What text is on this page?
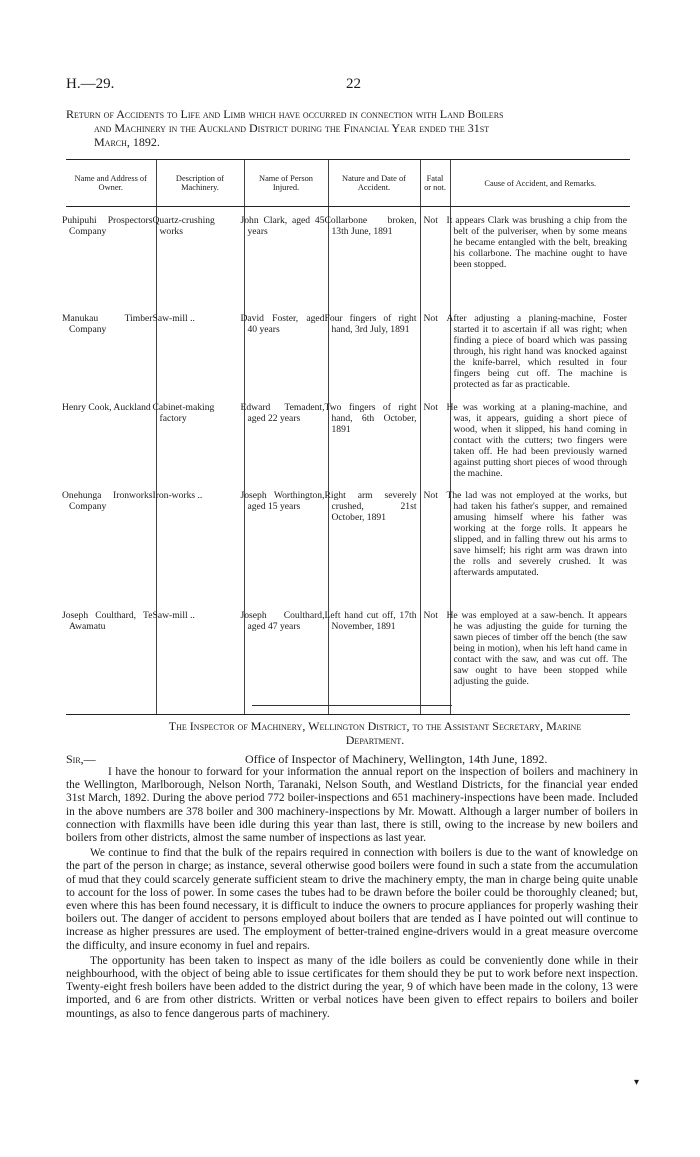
H.—29.	22
Return of Accidents to Life and Limb which have occurred in connection with Land Boilers
and Machinery in the Auckland District during the Financial Year ended the 31st
March, 1892.
Name and Address of Owner.	Description of Machinery.	Name of Person Injured.	Nature and Date of Accident.	Fatal or not.	Cause of Accident, and Remarks.

Puhipuhi Prospectors Company	Quartz-crushing works	John Clark, aged 45 years	Collarbone broken, 13th June, 1891	Not	It appears Clark was brushing a chip from the belt of the pulveriser, when by some means he became entangled with the belt, breaking his collarbone. The machine ought to have been stopped.
Manukau Timber Company	Saw-mill ..	David Foster, aged 40 years	Four fingers of right hand, 3rd July, 1891	Not	After adjusting a planing-machine, Foster started it to ascertain if all was right; when finding a piece of board which was passing through, his right hand was knocked against the knife-barrel, which resulted in four fingers being cut off. The machine is protected as far as practicable.
Henry Cook, Auckland	Cabinet-making factory	Edward Temadent, aged 22 years	Two fingers of right hand, 6th October, 1891	Not	He was working at a planing-machine, and was, it appears, guiding a short piece of wood, when it slipped, his hand coming in contact with the cutters; two fingers were taken off. He had been previously warned against putting short pieces of wood through the machine.
Onehunga Ironworks Company	Iron-works ..	Joseph Worthington, aged 15 years	Right arm severely crushed, 21st October, 1891	Not	The lad was not employed at the works, but had taken his father's supper, and remained amusing himself where his father was working at the forge rolls. It appears he slipped, and in falling threw out his arms to save himself; his right arm was drawn into the rolls and severely crushed. It was afterwards amputated.
Joseph Coulthard, Te Awamatu	Saw-mill ..	Joseph Coulthard, aged 47 years	Left hand cut off, 17th November, 1891	Not	He was employed at a saw-bench. It appears he was adjusting the guide for turning the sawn pieces of timber off the bench (the saw being in motion), when his left hand came in contact with the saw, and was cut off. The saw ought to have been stopped while adjusting the guide.
The Inspector of Machinery, Wellington District, to the Assistant Secretary, Marine
Department.
Sir,—	Office of Inspector of Machinery, Wellington, 14th June, 1892.

I have the honour to forward for your information the annual report on the inspection of boilers and machinery in the Wellington, Marlborough, Nelson North, Taranaki, Nelson South, and Westland Districts, for the financial year ended 31st March, 1892. During the above period 772 boiler-inspections and 651 machinery-inspections have been made. Included in the above numbers are 378 boiler and 300 machinery-inspections by Mr. Mowatt. Although a larger number of boilers in connection with flaxmills have been idle during this year than last, there is still, owing to the increase by new boilers and boilers from other districts, almost the same number of inspections as last year.

We continue to find that the bulk of the repairs required in connection with boilers is due to the want of knowledge on the part of the person in charge; as instance, several otherwise good boilers were found in such a state from the accumulation of mud that they could scarcely generate sufficient steam to drive the machinery empty, the man in charge being quite unable to account for the loss of power. In some cases the tubes had to be drawn before the boiler could be thoroughly cleaned; but, even where this has been found necessary, it is difficult to induce the owners to procure appliances for properly washing their boilers out. The danger of accident to persons employed about boilers that are tended as I have pointed out will continue to increase as higher pressures are used. The employment of better-trained engine-drivers would in a great measure overcome the difficulty, and insure economy in fuel and repairs.

The opportunity has been taken to inspect as many of the idle boilers as could be conveniently done while in their neighbourhood, with the object of being able to issue certificates for them should they be put to work before next inspection. Twenty-eight fresh boilers have been added to the district during the year, 9 of which have been made in the colony, 13 were imported, and 6 are from other districts. Written or verbal notices have been given to effect repairs to boilers and boiler mountings, as also to fence dangerous parts of machinery.

▾
